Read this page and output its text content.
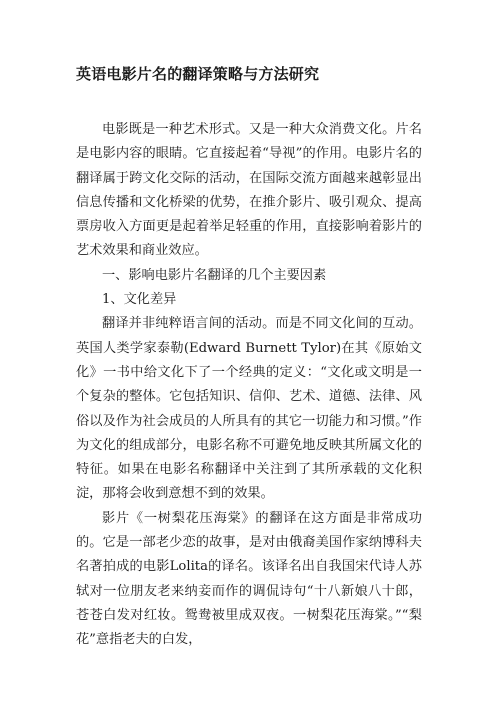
英语电影片名的翻译策略与方法研究

电影既是一种艺术形式。又是一种大众消费文化。片名是电影内容的眼睛。它直接起着“导视”的作用。电影片名的翻译属于跨文化交际的活动，在国际交流方面越来越彰显出信息传播和文化桥梁的优势，在推介影片、吸引观众、提高票房收入方面更是起着举足轻重的作用，直接影响着影片的艺术效果和商业效应。

一、影响电影片名翻译的几个主要因素

1、文化差异

翻译并非纯粹语言间的活动。而是不同文化间的互动。英国人类学家泰勒(Edward Burnett Tylor)在其《原始文化》一书中给文化下了一个经典的定义：“文化或文明是一个复杂的整体。它包括知识、信仰、艺术、道德、法律、风俗以及作为社会成员的人所具有的其它一切能力和习惯。”作为文化的组成部分，电影名称不可避免地反映其所属文化的特征。如果在电影名称翻译中关注到了其所承载的文化积淀，那将会收到意想不到的效果。

影片《一树梨花压海棠》的翻译在这方面是非常成功的。它是一部老少恋的故事，是对由俄裔美国作家纳博科夫名著拍成的电影Lolita的译名。该译名出自我国宋代诗人苏轼对一位朋友老来纳妾而作的调侃诗句“十八新娘八十郎，苍苍白发对红妆。鸳鸯被里成双夜。一树梨花压海棠。”“梨花”意指老夫的白发，
